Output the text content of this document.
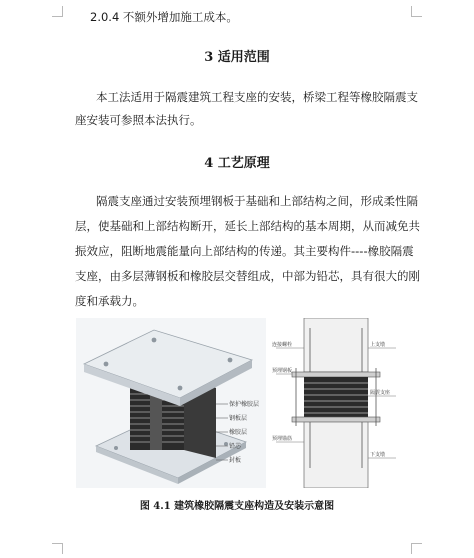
2.0.4 不额外增加施工成本。
3 适用范围
本工法适用于隔震建筑工程支座的安装，桥梁工程等橡胶隔震支
座安装可参照本法执行。
4 工艺原理
隔震支座通过安装预埋钢板于基础和上部结构之间，形成柔性隔
层，使基础和上部结构断开，延长上部结构的基本周期，从而减免共
振效应，阻断地震能量向上部结构的传递。其主要构件----橡胶隔震
支座，由多层薄钢板和橡胶层交替组成，中部为铅芯，具有很大的刚
度和承载力。
保护橡胶层
钢板层
橡胶层
铅芯
封板
预埋钢板
连接螺栓
隔震支座
预埋锚筋
下支墩
上支墩
图 4.1 建筑橡胶隔震支座构造及安装示意图
